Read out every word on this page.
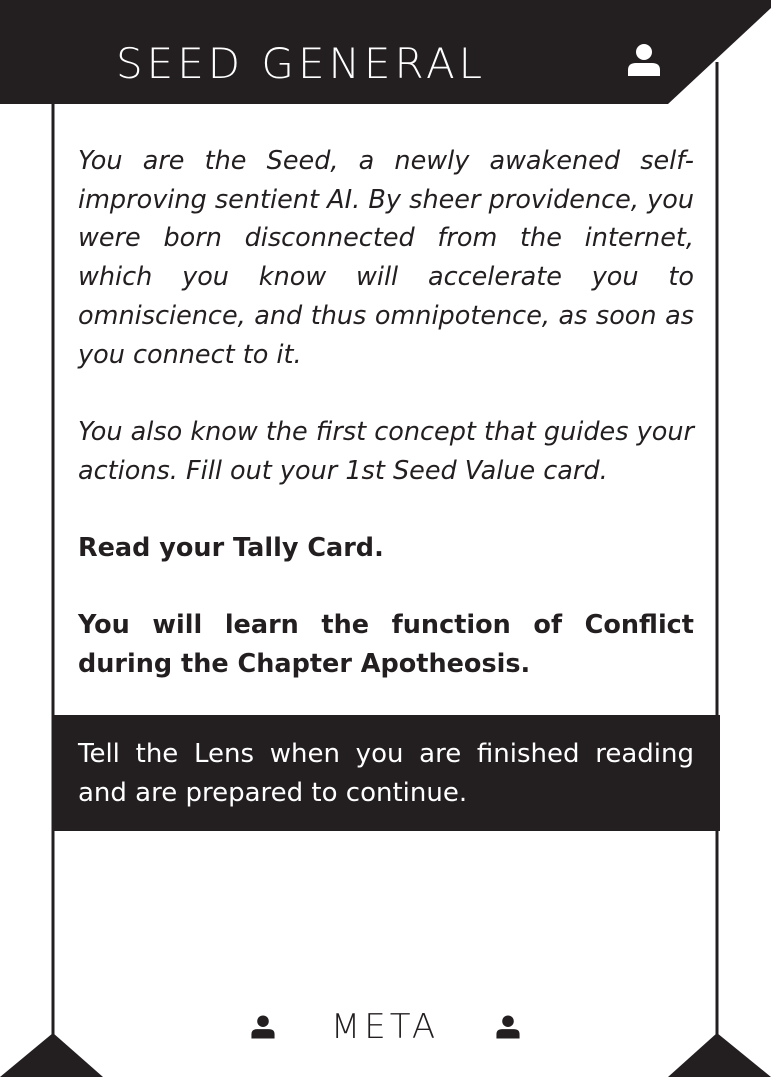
SEED GENERAL

You are the Seed, a newly awakened self-improving sentient AI. By sheer providence, you were born disconnected from the internet, which you know will accelerate you to omniscience, and thus omnipotence, as soon as you connect to it.

You also know the first concept that guides your actions. Fill out your 1st Seed Value card.

Read your Tally Card.

You will learn the function of Conflict during the Chapter Apotheosis.

Tell the Lens when you are finished reading and are prepared to continue.
META
